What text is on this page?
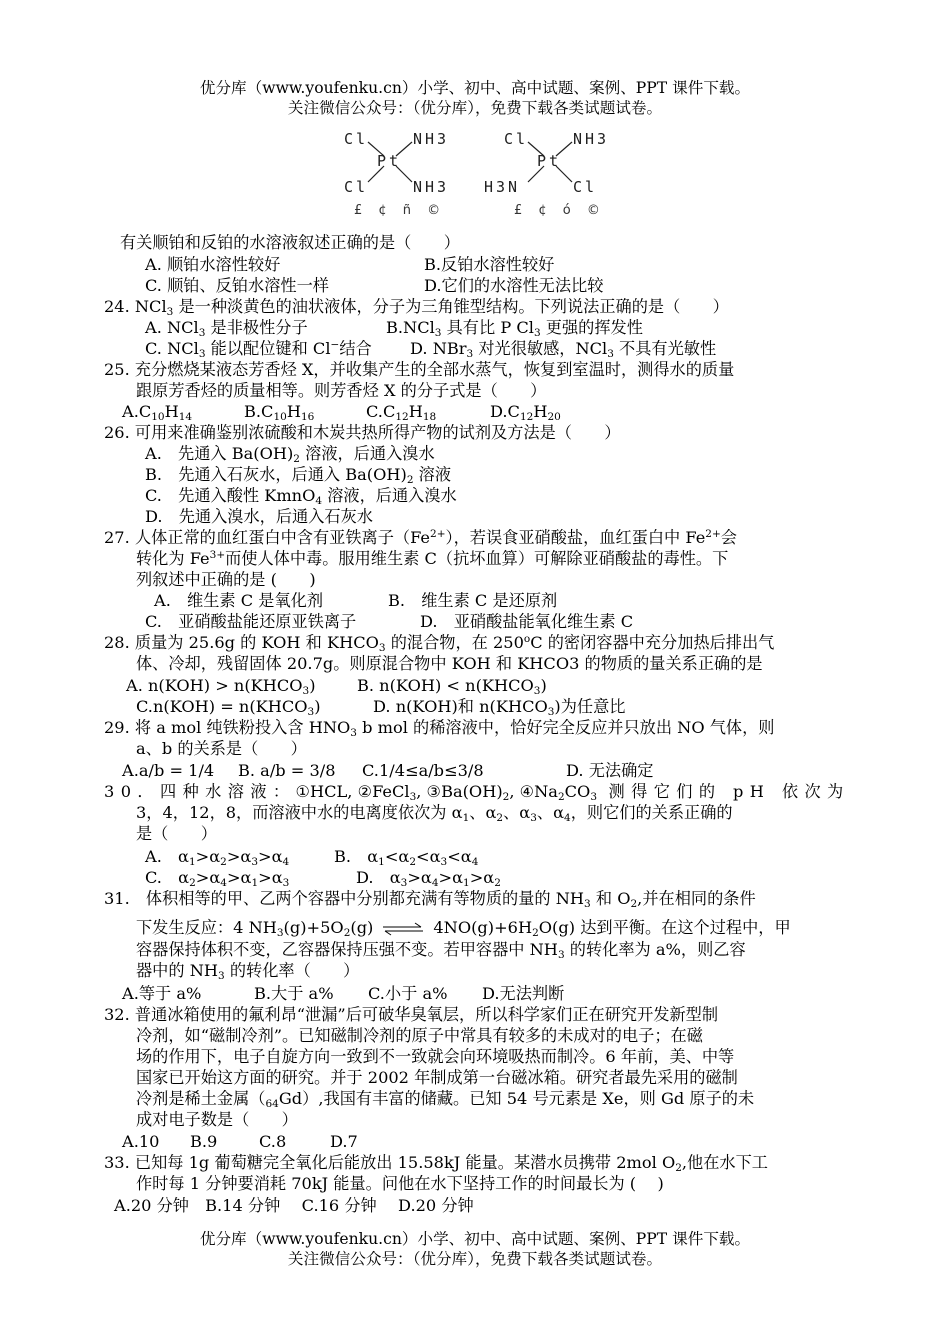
优分库（www.youfenku.cn）小学、初中、高中试题、案例、PPT 课件下载。
关注微信公众号：（优分库），免费下载各类试题试卷。
Cl	NH3
Pt
Cl	NH3
£ ¢ ñ ©
Cl	NH3
Pt
H3N	Cl
£ ¢ ó ©
有关顺铂和反铂的水溶液叙述正确的是（　　）
A. 顺铂水溶性较好	B.反铂水溶性较好
C. 顺铂、反铂水溶性一样	D.它们的水溶性无法比较
24. NCl$_3$ 是一种淡黄色的油状液体，分子为三角锥型结构。下列说法正确的是（　　）
A. NCl$_3$ 是非极性分子	B.NCl$_3$ 具有比 P $Cl_3$ 更强的挥发性
C. NCl$_3$ 能以配位键和 Cl−结合 D. NBr$_3$ 对光很敏感，NCl$_3$ 不具有光敏性
25. 充分燃烧某液态芳香烃 X，并收集产生的全部水蒸气，恢复到室温时，测得水的质量
跟原芳香烃的质量相等。则芳香烃 X 的分子式是（　　）
$A.C_{10}H_{14}$	$B.C_{10}H_{16}$	$C.C_{12}H_{18}$	$D.C_{12}H_{20}$
26. 可用来准确鉴别浓硫酸和木炭共热所得产物的试剂及方法是（　　）
A.　先通入 $Ba(OH)_2$ 溶液，后通入溴水
B.　先通入石灰水，后通入 $Ba(OH)_2$ 溶液
C.　先通入酸性 KmnO$_4$ 溶液，后通入溴水
D.　先通入溴水，后通入石灰水
27. 人体正常的血红蛋白中含有亚铁离子$(Fe^{2+})$，若误食亚硝酸盐，血红蛋白中 $Fe^{2+}$会
转化为 $Fe^{3+}$而使人体中毒。服用维生素 C（抗坏血算）可解除亚硝酸盐的毒性。下
列叙述中正确的是 (　　)
A.　维生素 C 是氧化剂	B.　维生素 C 是还原剂
C.　亚硝酸盐能还原亚铁离子	D.　亚硝酸盐能氧化维生素 C
28. 质量为 25.6g 的 KOH 和 $KHCO_3$ 的混合物，在 250$^o$C 的密闭容器中充分加热后排出气
体、冷却，残留固体 20.7g。则原混合物中 KOH 和 KHCO3 的物质的量关系正确的是
A. $n(KOH) > n(KHCO_3)$	B. $n(KOH) < n(KHCO_3)$
$C.n(KOH) = n(KHCO_3)$	D. n(KOH)和 $n(KHCO_3)$为任意比
29. 将 a mol 纯铁粉投入含 $HNO_3$ b mol 的稀溶液中，恰好完全反应并只放出 NO 气体，则
a、b 的关系是（　　）
A.a/b = 1/4 B. a/b = 3/8 C.1/4≤a/b≤3/8	D. 无法确定
30．四种水溶液：①HCL, ②FeCl$_3$, $③Ba(OH)_2$, $④Na_2CO_3$ 测得它们的 pH 依次为
3，4，12，8，而溶液中水的电离度依次为 $\alpha_1$、$\alpha_2$、$\alpha_3$、$\alpha_4$，则它们的关系正确的
是（　　）
A.　$\alpha_1>\alpha_2>\alpha_3>\alpha_4$	B.　$\alpha_1<\alpha_2<\alpha_3<\alpha_4$
C.　$\alpha_2>\alpha_4>\alpha_1>\alpha_3$	D.　$\alpha_3>\alpha_4>\alpha_1>\alpha_2$
31.　体积相等的甲、乙两个容器中分别都充满有等物质的量的 $NH_3$ 和 $O_2$,并在相同的条件
下发生反应：4 $NH_3(g)+5O_2(g)$ ⇌ $4NO(g)+6H_2O(g)$ 达到平衡。在这个过程中，甲
容器保持体积不变，乙容器保持压强不变。若甲容器中 $NH_3$ 的转化率为 a%，则乙容
器中的 $NH_3$ 的转化率（　　）
A.等于 a%	B.大于 a% C.小于 a% D.无法判断
32. 普通冰箱使用的氟利昂“泄漏”后可破华臭氧层，所以科学家们正在研究开发新型制
冷剂，如“磁制冷剂”。已知磁制冷剂的原子中常具有较多的未成对的电子；在磁
场的作用下，电子自旋方向一致到不一致就会向环境吸热而制冷。6 年前，美、中等
国家已开始这方面的研究。并于 2002 年制成第一台磁冰箱。研究者最先采用的磁制
冷剂是稀土金属$(_{64}Gd)$,我国有丰富的储藏。已知 54 号元素是 Xe，则 Gd 原子的未
成对电子数是（　　）
A.10 B.9	C.8	D.7
33. 已知每 1g 葡萄糖完全氧化后能放出 15.58kJ 能量。某潜水员携带 2mol $O_2$,他在水下工
作时每 1 分钟要消耗 70kJ 能量。问他在水下坚持工作的时间最长为 (　 )
A.20 分钟　B.14 分钟　 C.16 分钟　 D.20 分钟
优分库（www.youfenku.cn）小学、初中、高中试题、案例、PPT 课件下载。
关注微信公众号：（优分库），免费下载各类试题试卷。
